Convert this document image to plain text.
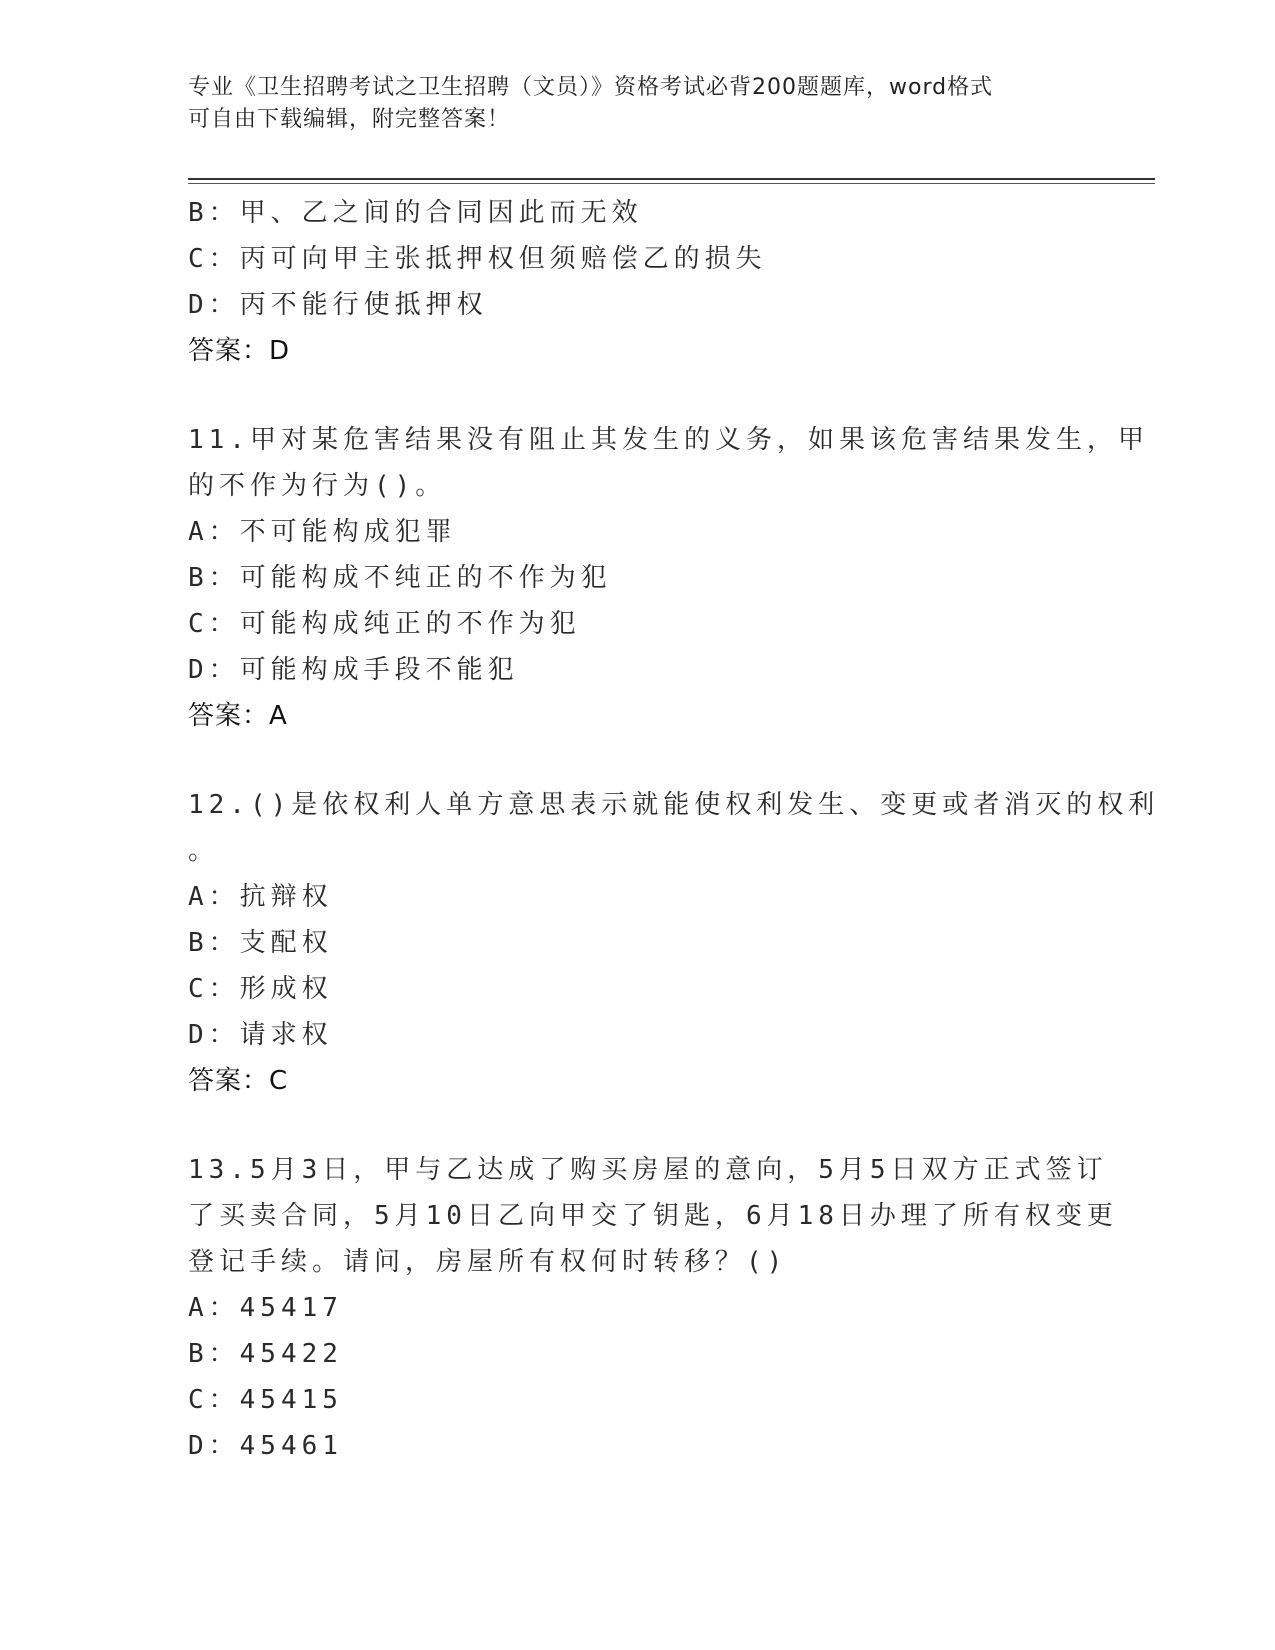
专业《卫生招聘考试之卫生招聘（文员）》资格考试必背200题题库，word格式
可自由下载编辑，附完整答案！
B：甲、乙之间的合同因此而无效
C：丙可向甲主张抵押权但须赔偿乙的损失
D：丙不能行使抵押权
答案：D
11.甲对某危害结果没有阻止其发生的义务，如果该危害结果发生，甲
的不作为行为()。
A：不可能构成犯罪
B：可能构成不纯正的不作为犯
C：可能构成纯正的不作为犯
D：可能构成手段不能犯
答案：A
12.()是依权利人单方意思表示就能使权利发生、变更或者消灭的权利
。
A：抗辩权
B：支配权
C：形成权
D：请求权
答案：C
13.5月3日，甲与乙达成了购买房屋的意向，5月5日双方正式签订
了买卖合同，5月10日乙向甲交了钥匙，6月18日办理了所有权变更
登记手续。请问，房屋所有权何时转移？()
A：45417
B：45422
C：45415
D：45461
